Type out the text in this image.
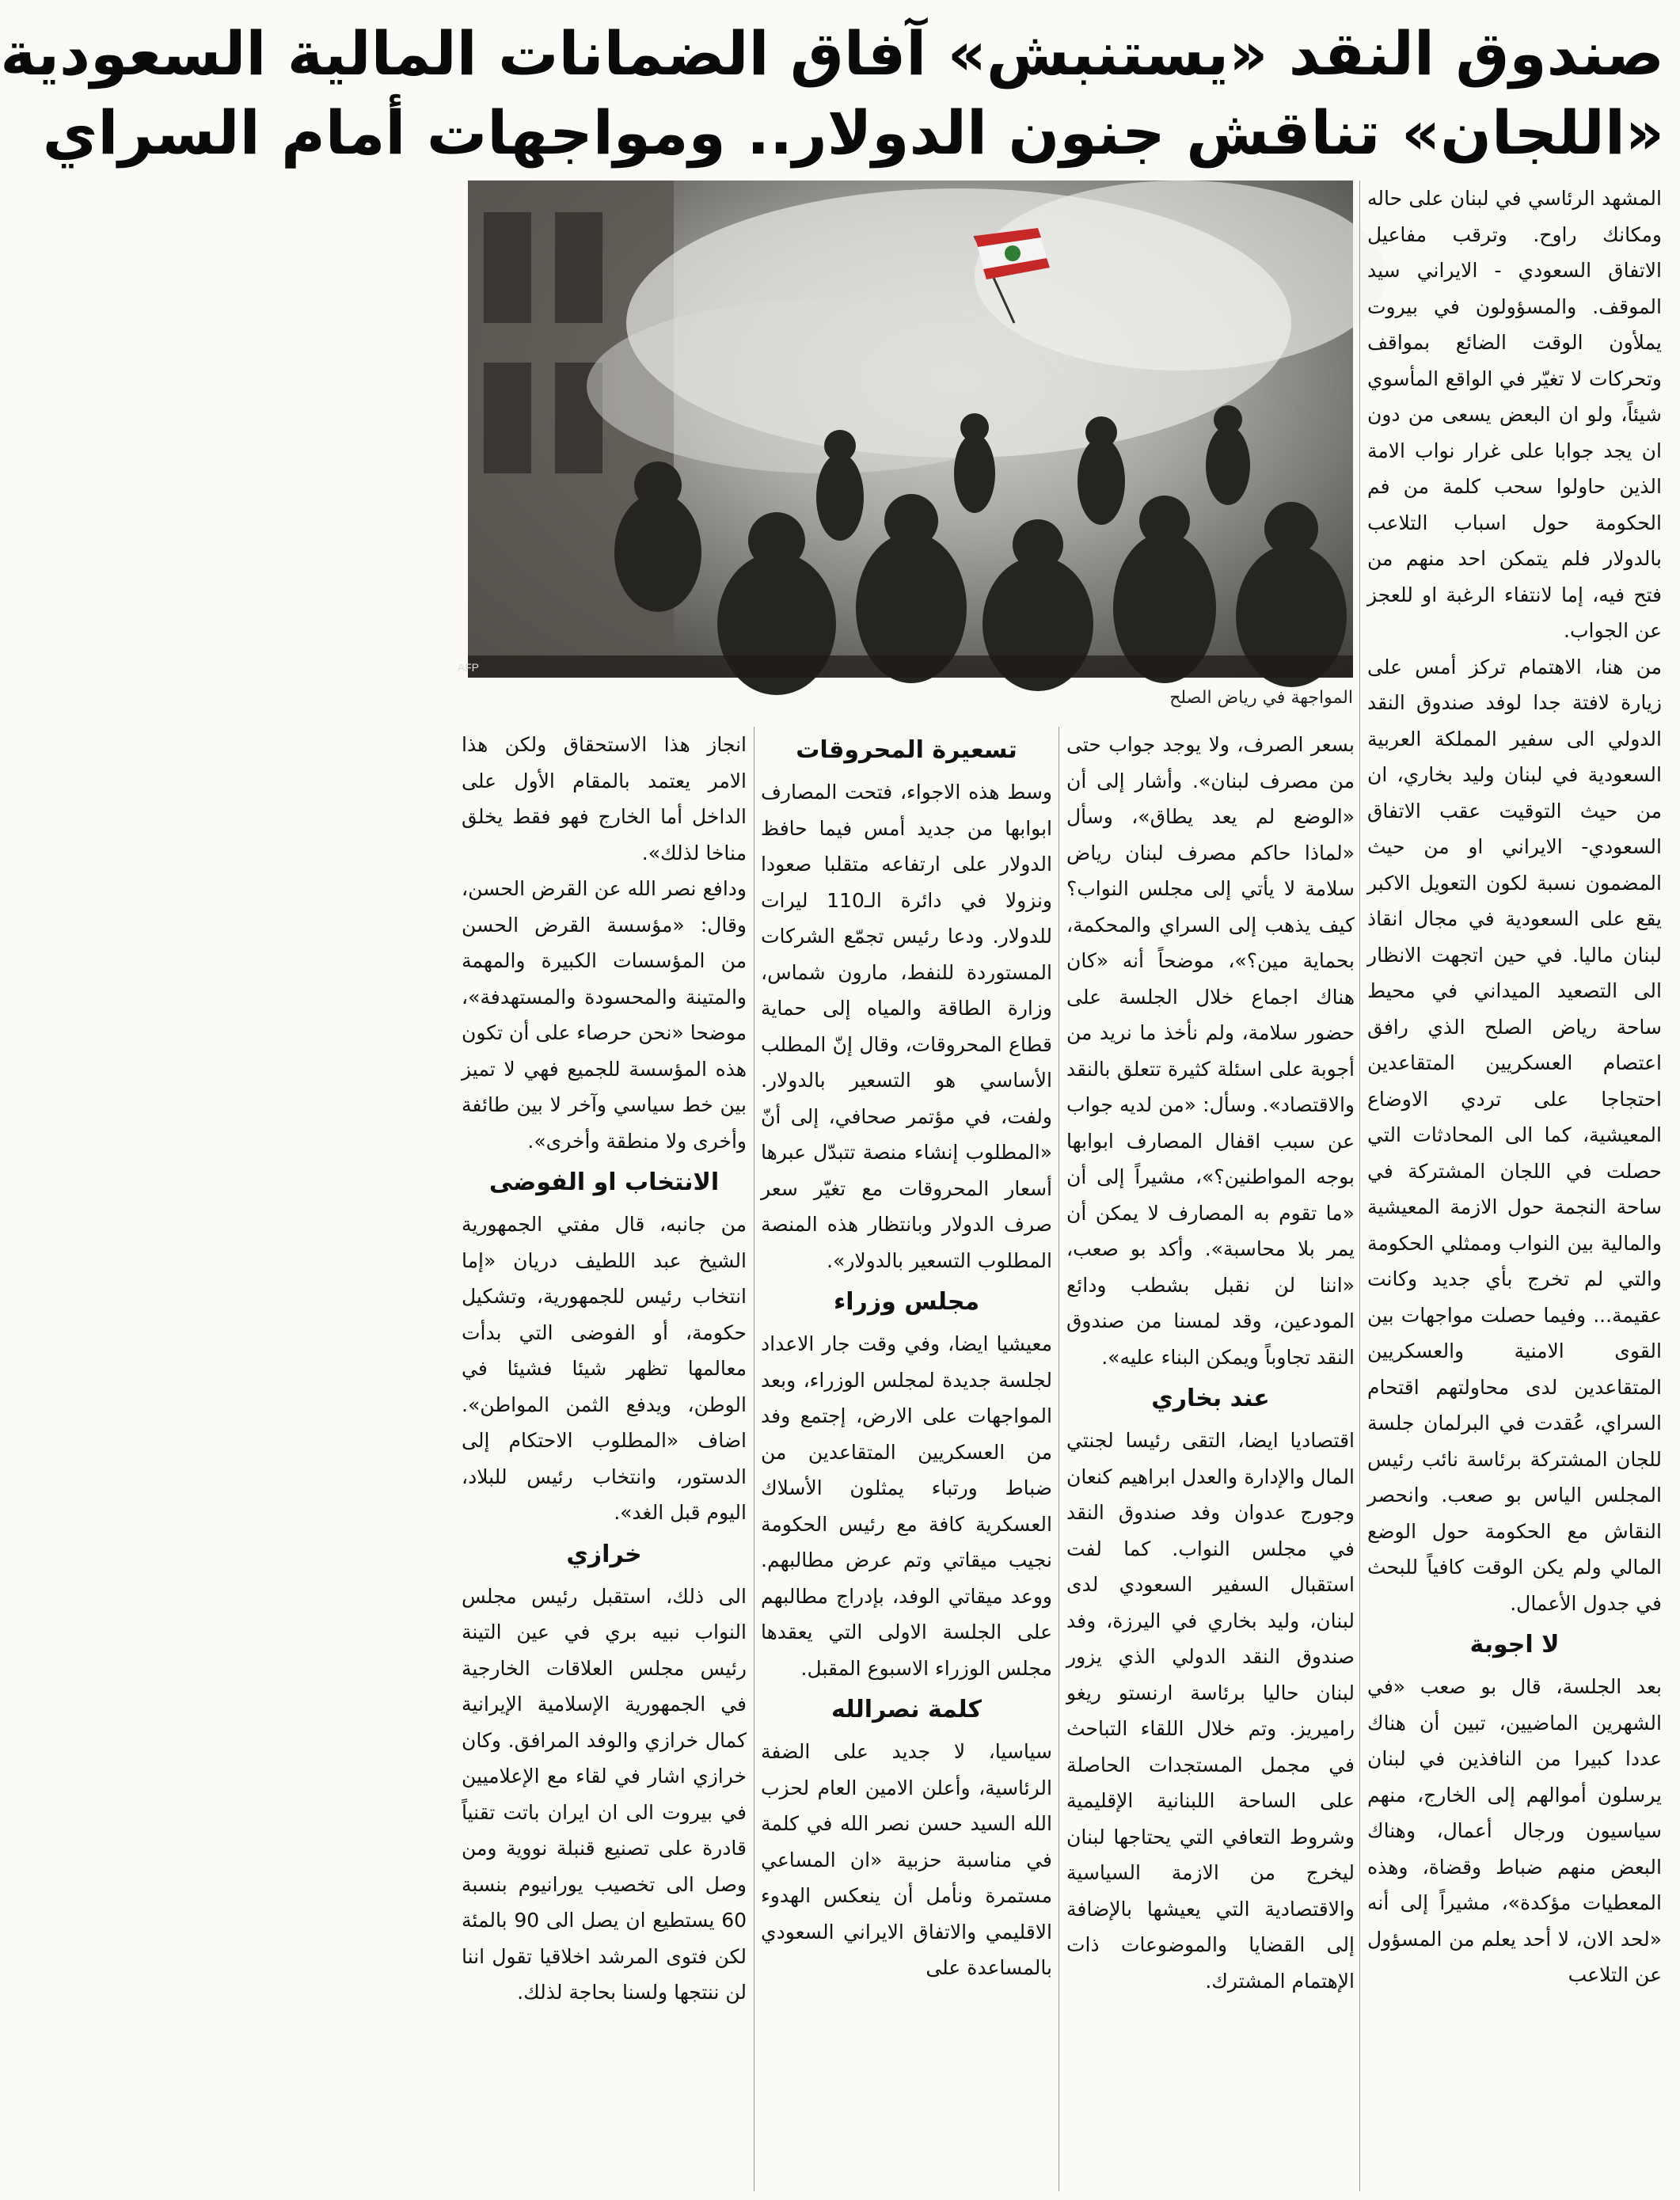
صندوق النقد «يستنبش» آفاق الضمانات المالية السعودية
«اللجان» تناقش جنون الدولار.. ومواجهات أمام السراي
AFP
المواجهة في رياض الصلح

المشهد الرئاسي في لبنان على حاله ومكانك راوح. وترقب مفاعيل الاتفاق السعودي - الايراني سيد الموقف. والمسؤولون في بيروت يملأون الوقت الضائع بمواقف وتحركات لا تغيّر في الواقع المأسوي شيئاً، ولو ان البعض يسعى من دون ان يجد جوابا على غرار نواب الامة الذين حاولوا سحب كلمة من فم الحكومة حول اسباب التلاعب بالدولار فلم يتمكن احد منهم من فتح فيه، إما لانتفاء الرغبة او للعجز عن الجواب.

من هنا، الاهتمام تركز أمس على زيارة لافتة جدا لوفد صندوق النقد الدولي الى سفير المملكة العربية السعودية في لبنان وليد بخاري، ان من حيث التوقيت عقب الاتفاق السعودي- الايراني او من حيث المضمون نسبة لكون التعويل الاكبر يقع على السعودية في مجال انقاذ لبنان ماليا. في حين اتجهت الانظار الى التصعيد الميداني في محيط ساحة رياض الصلح الذي رافق اعتصام العسكريين المتقاعدين احتجاجا على تردي الاوضاع المعيشية، كما الى المحادثات التي حصلت في اللجان المشتركة في ساحة النجمة حول الازمة المعيشية والمالية بين النواب وممثلي الحكومة والتي لم تخرج بأي جديد وكانت عقيمة... وفيما حصلت مواجهات بين القوى الامنية والعسكريين المتقاعدين لدى محاولتهم اقتحام السراي، عُقدت في البرلمان جلسة للجان المشتركة برئاسة نائب رئيس المجلس الياس بو صعب. وانحصر النقاش مع الحكومة حول الوضع المالي ولم يكن الوقت كافياً للبحث في جدول الأعمال.

لا اجوبة

بعد الجلسة، قال بو صعب «في الشهرين الماضيين، تبين أن هناك عددا كبيرا من النافذين في لبنان يرسلون أموالهم إلى الخارج، منهم سياسيون ورجال أعمال، وهناك البعض منهم ضباط وقضاة، وهذه المعطيات مؤكدة»، مشيراً إلى أنه «لحد الان، لا أحد يعلم من المسؤول عن التلاعب

بسعر الصرف، ولا يوجد جواب حتى من مصرف لبنان». وأشار إلى أن «الوضع لم يعد يطاق»، وسأل «لماذا حاكم مصرف لبنان رياض سلامة لا يأتي إلى مجلس النواب؟ كيف يذهب إلى السراي والمحكمة، بحماية مين؟»، موضحاً أنه «كان هناك اجماع خلال الجلسة على حضور سلامة، ولم نأخذ ما نريد من أجوبة على اسئلة كثيرة تتعلق بالنقد والاقتصاد». وسأل: «من لديه جواب عن سبب اقفال المصارف ابوابها بوجه المواطنين؟»، مشيراً إلى أن «ما تقوم به المصارف لا يمكن أن يمر بلا محاسبة». وأكد بو صعب، «اننا لن نقبل بشطب ودائع المودعين، وقد لمسنا من صندوق النقد تجاوباً ويمكن البناء عليه».

عند بخاري

اقتصاديا ايضا، التقى رئيسا لجنتي المال والإدارة والعدل ابراهيم كنعان وجورج عدوان وفد صندوق النقد في مجلس النواب. كما لفت استقبال السفير السعودي لدى لبنان، وليد بخاري في اليرزة، وفد صندوق النقد الدولي الذي يزور لبنان حاليا برئاسة ارنستو ريغو راميريز. وتم خلال اللقاء التباحث في مجمل المستجدات الحاصلة على الساحة اللبنانية الإقليمية وشروط التعافي التي يحتاجها لبنان ليخرج من الازمة السياسية والاقتصادية التي يعيشها بالإضافة إلى القضايا والموضوعات ذات الإهتمام المشترك.

تسعيرة المحروقات

وسط هذه الاجواء، فتحت المصارف ابوابها من جديد أمس فيما حافظ الدولار على ارتفاعه متقلبا صعودا ونزولا في دائرة الـ110 ليرات للدولار. ودعا رئيس تجمّع الشركات المستوردة للنفط، مارون شماس، وزارة الطاقة والمياه إلى حماية قطاع المحروقات، وقال إنّ المطلب الأساسي هو التسعير بالدولار. ولفت، في مؤتمر صحافي، إلى أنّ «المطلوب إنشاء منصة تتبدّل عبرها أسعار المحروقات مع تغيّر سعر صرف الدولار وبانتظار هذه المنصة المطلوب التسعير بالدولار».

مجلس وزراء

معيشيا ايضا، وفي وقت جار الاعداد لجلسة جديدة لمجلس الوزراء، وبعد المواجهات على الارض، إجتمع وفد من العسكريين المتقاعدين من ضباط ورتباء يمثلون الأسلاك العسكرية كافة مع رئيس الحكومة نجيب ميقاتي وتم عرض مطالبهم. ووعد ميقاتي الوفد، بإدراج مطالبهم على الجلسة الاولى التي يعقدها مجلس الوزراء الاسبوع المقبل.

كلمة نصرالله

سياسيا، لا جديد على الضفة الرئاسية، وأعلن الامين العام لحزب الله السيد حسن نصر الله في كلمة في مناسبة حزبية «ان المساعي مستمرة ونأمل أن ينعكس الهدوء الاقليمي والاتفاق الايراني السعودي بالمساعدة على

انجاز هذا الاستحقاق ولكن هذا الامر يعتمد بالمقام الأول على الداخل أما الخارج فهو فقط يخلق مناخا لذلك».

ودافع نصر الله عن القرض الحسن، وقال: «مؤسسة القرض الحسن من المؤسسات الكبيرة والمهمة والمتينة والمحسودة والمستهدفة»، موضحا «نحن حرصاء على أن تكون هذه المؤسسة للجميع فهي لا تميز بين خط سياسي وآخر لا بين طائفة وأخرى ولا منطقة وأخرى».

الانتخاب او الفوضى

من جانبه، قال مفتي الجمهورية الشيخ عبد اللطيف دريان «إما انتخاب رئيس للجمهورية، وتشكيل حكومة، أو الفوضى التي بدأت معالمها تظهر شيئا فشيئا في الوطن، ويدفع الثمن المواطن». اضاف «المطلوب الاحتكام إلى الدستور، وانتخاب رئيس للبلاد، اليوم قبل الغد».

خرازي

الى ذلك، استقبل رئيس مجلس النواب نبيه بري في عين التينة رئيس مجلس العلاقات الخارجية في الجمهورية الإسلامية الإيرانية كمال خرازي والوفد المرافق. وكان خرازي اشار في لقاء مع الإعلاميين في بيروت الى ان ايران باتت تقنياً قادرة على تصنيع قنبلة نووية ومن وصل الى تخصيب يورانيوم بنسبة 60 يستطيع ان يصل الى 90 بالمئة لكن فتوى المرشد اخلاقيا تقول اننا لن ننتجها ولسنا بحاجة لذلك.
